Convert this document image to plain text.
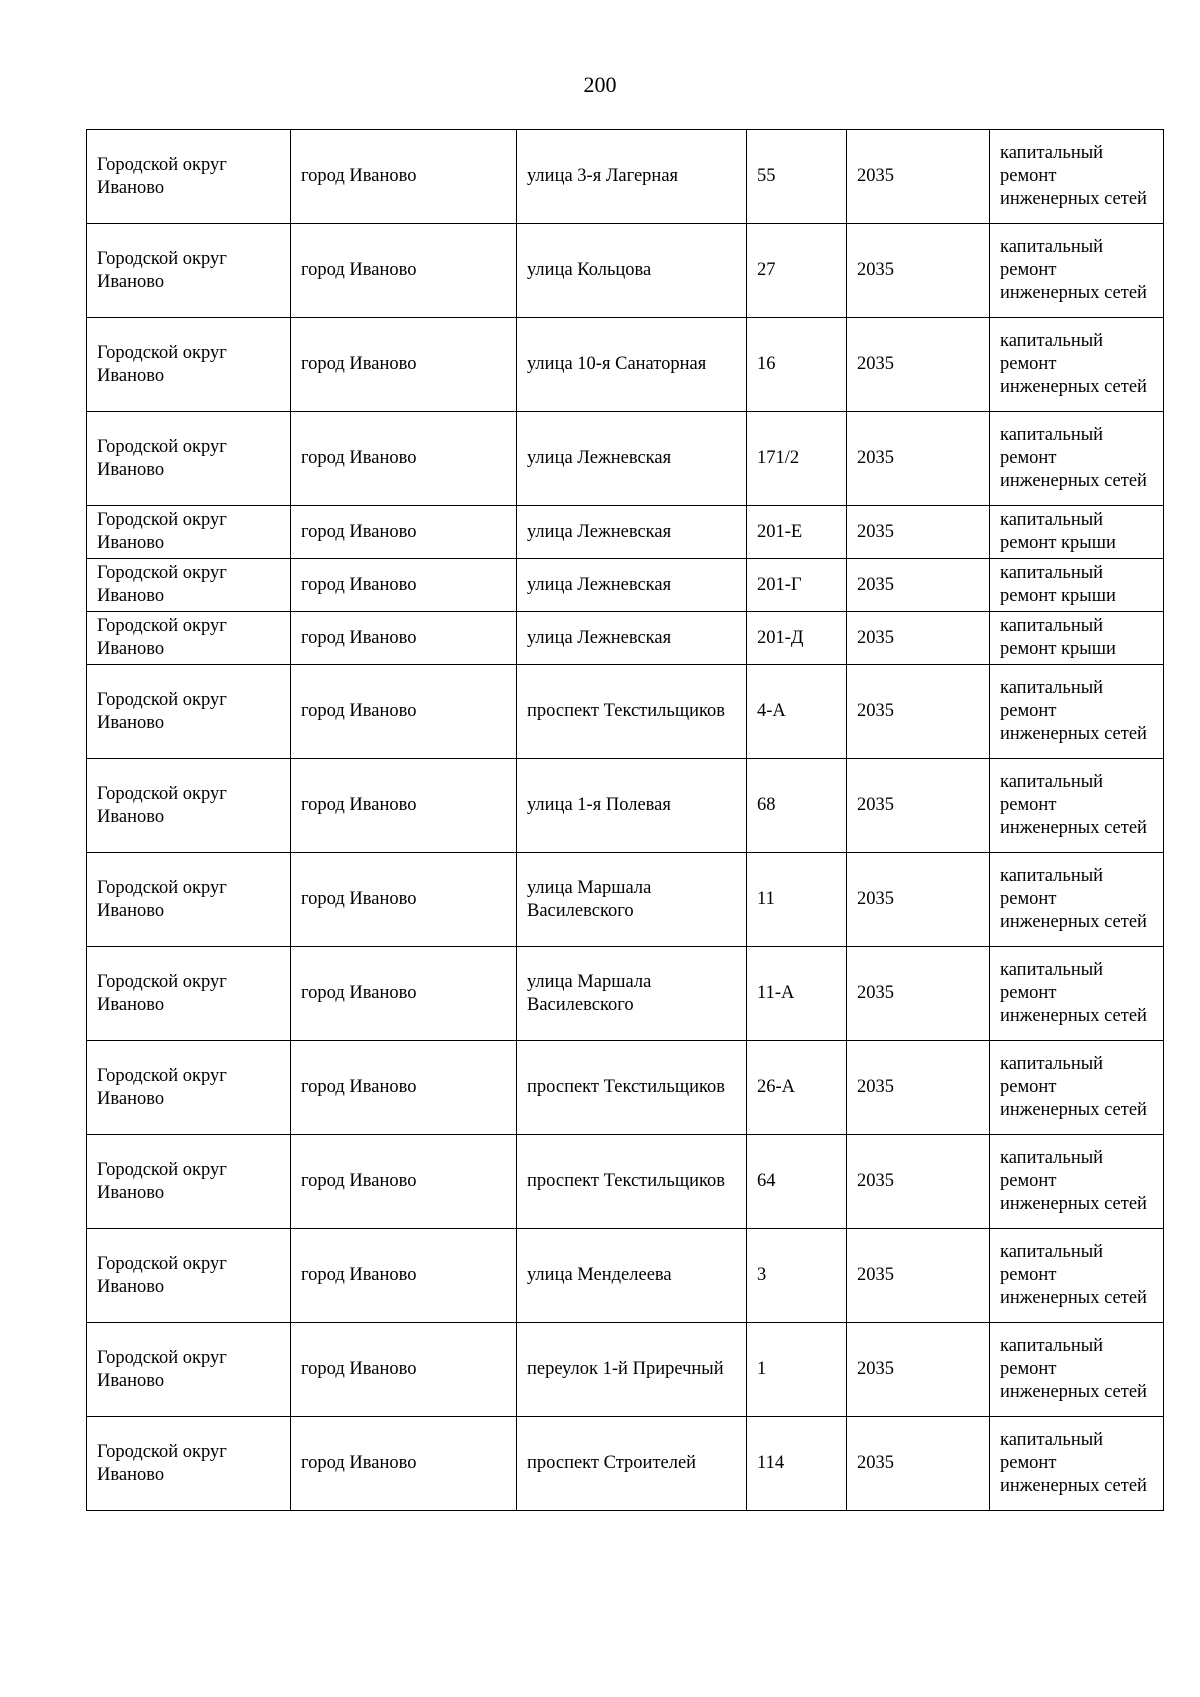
200
Городской округ Иваново	город Иваново	улица 3-я Лагерная	55	2035	капитальный ремонт инженерных сетей
Городской округ Иваново	город Иваново	улица Кольцова	27	2035	капитальный ремонт инженерных сетей
Городской округ Иваново	город Иваново	улица 10-я Санаторная	16	2035	капитальный ремонт инженерных сетей
Городской округ Иваново	город Иваново	улица Лежневская	171/2	2035	капитальный ремонт инженерных сетей
Городской округ Иваново	город Иваново	улица Лежневская	201-Е	2035	капитальный ремонт крыши
Городской округ Иваново	город Иваново	улица Лежневская	201-Г	2035	капитальный ремонт крыши
Городской округ Иваново	город Иваново	улица Лежневская	201-Д	2035	капитальный ремонт крыши
Городской округ Иваново	город Иваново	проспект Текстильщиков	4-А	2035	капитальный ремонт инженерных сетей
Городской округ Иваново	город Иваново	улица 1-я Полевая	68	2035	капитальный ремонт инженерных сетей
Городской округ Иваново	город Иваново	улица Маршала Василевского	11	2035	капитальный ремонт инженерных сетей
Городской округ Иваново	город Иваново	улица Маршала Василевского	11-А	2035	капитальный ремонт инженерных сетей
Городской округ Иваново	город Иваново	проспект Текстильщиков	26-А	2035	капитальный ремонт инженерных сетей
Городской округ Иваново	город Иваново	проспект Текстильщиков	64	2035	капитальный ремонт инженерных сетей
Городской округ Иваново	город Иваново	улица Менделеева	3	2035	капитальный ремонт инженерных сетей
Городской округ Иваново	город Иваново	переулок 1-й Приречный	1	2035	капитальный ремонт инженерных сетей
Городской округ Иваново	город Иваново	проспект Строителей	114	2035	капитальный ремонт инженерных сетей
